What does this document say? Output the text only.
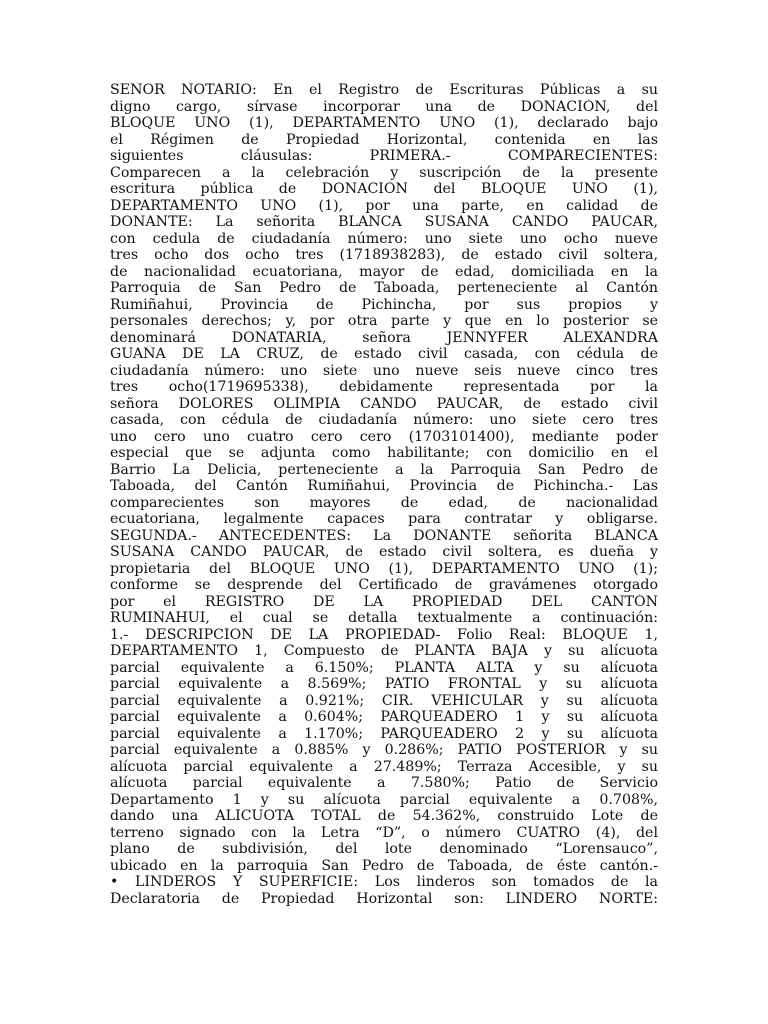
SEÑOR NOTARIO: En el Registro de Escrituras Públicas a su
digno cargo, sírvase incorporar una de DONACIÓN, del
BLOQUE UNO (1), DEPARTAMENTO UNO (1), declarado bajo
el Régimen de Propiedad Horizontal, contenida en las
siguientes cláusulas: PRIMERA.- COMPARECIENTES:
Comparecen a la celebración y suscripción de la presente
escritura pública de DONACIÓN del BLOQUE UNO (1),
DEPARTAMENTO UNO (1), por una parte, en calidad de
DONANTE: La señorita BLANCA SUSANA CANDO PAUCAR,
con cedula de ciudadanía número: uno siete uno ocho nueve
tres ocho dos ocho tres (1718938283), de estado civil soltera,
de nacionalidad ecuatoriana, mayor de edad, domiciliada en la
Parroquia de San Pedro de Taboada, perteneciente al Cantón
Rumiñahui, Provincia de Pichincha, por sus propios y
personales derechos; y, por otra parte y que en lo posterior se
denominará DONATARIA, señora JENNYFER ALEXANDRA
GUAÑA DE LA CRUZ, de estado civil casada, con cédula de
ciudadanía número: uno siete uno nueve seis nueve cinco tres
tres ocho(1719695338), debidamente representada por la
señora DOLORES OLIMPIA CANDO PAUCAR, de estado civil
casada, con cédula de ciudadanía número: uno siete cero tres
uno cero uno cuatro cero cero (1703101400), mediante poder
especial que se adjunta como habilitante; con domicilio en el
Barrio La Delicia, perteneciente a la Parroquia San Pedro de
Taboada, del Cantón Rumiñahui, Provincia de Pichincha.- Las
comparecientes son mayores de edad, de nacionalidad
ecuatoriana, legalmente capaces para contratar y obligarse.
SEGUNDA.- ANTECEDENTES: La DONANTE señorita BLANCA
SUSANA CANDO PAUCAR, de estado civil soltera, es dueña y
propietaria del BLOQUE UNO (1), DEPARTAMENTO UNO (1);
conforme se desprende del Certificado de gravámenes otorgado
por el REGISTRO DE LA PROPIEDAD DEL CANTÓN
RUMIÑAHUI, el cual se detalla textualmente a continuación:
1.- DESCRIPCION DE LA PROPIEDAD- Folio Real: BLOQUE 1,
DEPARTAMENTO 1, Compuesto de PLANTA BAJA y su alícuota
parcial equivalente a 6.150%; PLANTA ALTA y su alícuota
parcial equivalente a 8.569%; PATIO FRONTAL y su alícuota
parcial equivalente a 0.921%; CIR. VEHICULAR y su alícuota
parcial equivalente a 0.604%; PARQUEADERO 1 y su alícuota
parcial equivalente a 1.170%; PARQUEADERO 2 y su alícuota
parcial equivalente a 0.885% y 0.286%; PATIO POSTERIOR y su
alícuota parcial equivalente a 27.489%; Terraza Accesible, y su
alícuota parcial equivalente a 7.580%; Patio de Servicio
Departamento 1 y su alícuota parcial equivalente a 0.708%,
dando una ALICUOTA TOTAL de 54.362%, construido Lote de
terreno signado con la Letra “D”, o número CUATRO (4), del
plano de subdivisión, del lote denominado “Lorensauco”,
ubicado en la parroquia San Pedro de Taboada, de éste cantón.-
• LINDEROS Y SUPERFICIE: Los linderos son tomados de la
Declaratoria de Propiedad Horizontal son: LINDERO NORTE:
